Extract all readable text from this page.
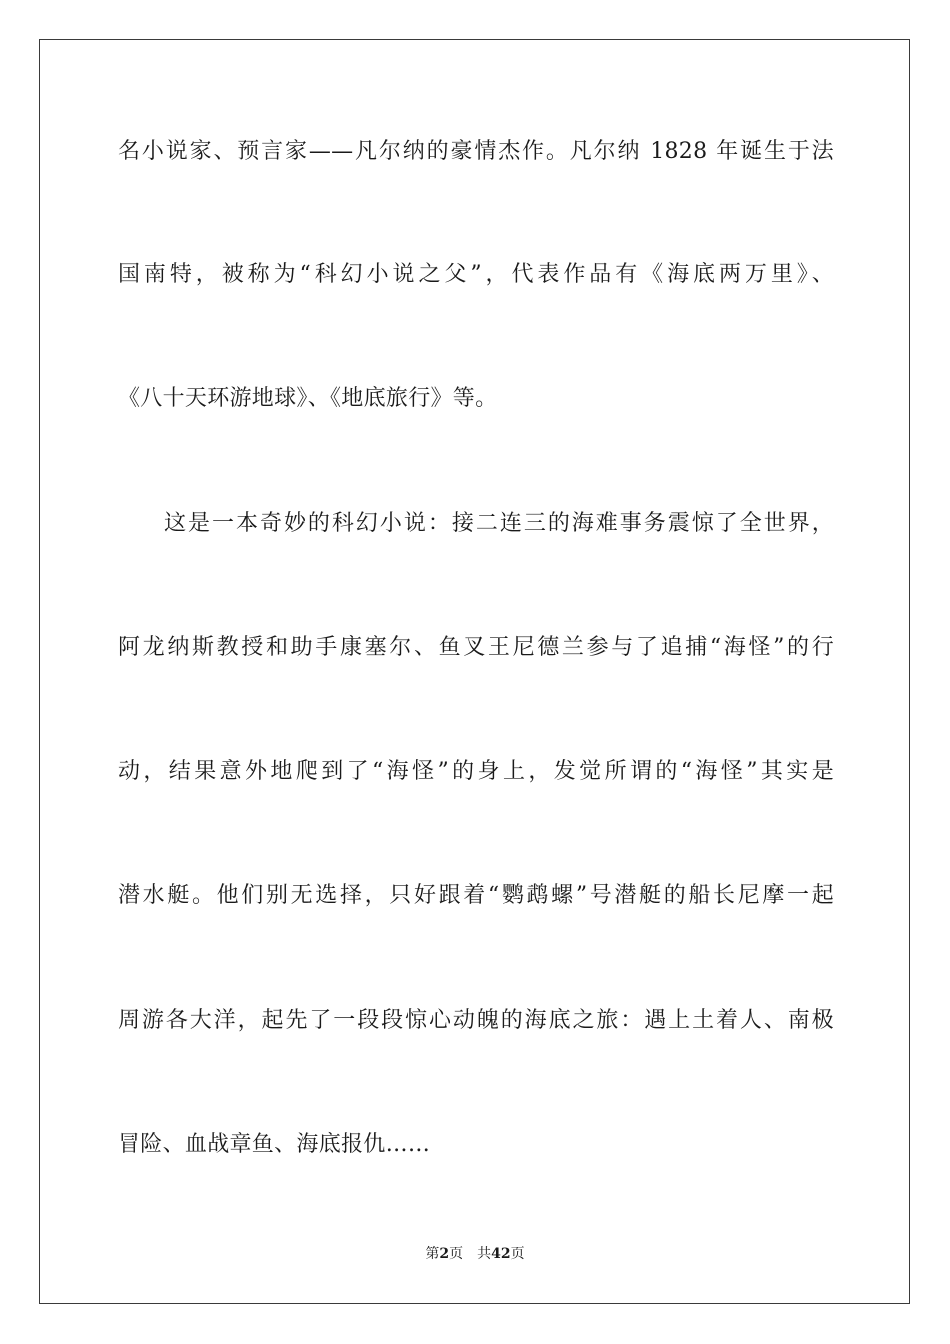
名小说家、预言家——凡尔纳的豪情杰作。凡尔纳 1828 年诞生于法
国南特，被称为“科幻小说之父”，代表作品有《海底两万里》、
《八十天环游地球》、《地底旅行》等。
这是一本奇妙的科幻小说：接二连三的海难事务震惊了全世界，
阿龙纳斯教授和助手康塞尔、鱼叉王尼德兰参与了追捕“海怪”的行
动，结果意外地爬到了“海怪”的身上，发觉所谓的“海怪”其实是
潜水艇。他们别无选择，只好跟着“鹦鹉螺”号潜艇的船长尼摩一起
周游各大洋，起先了一段段惊心动魄的海底之旅：遇上土着人、南极
冒险、血战章鱼、海底报仇……
第2页 共42页
